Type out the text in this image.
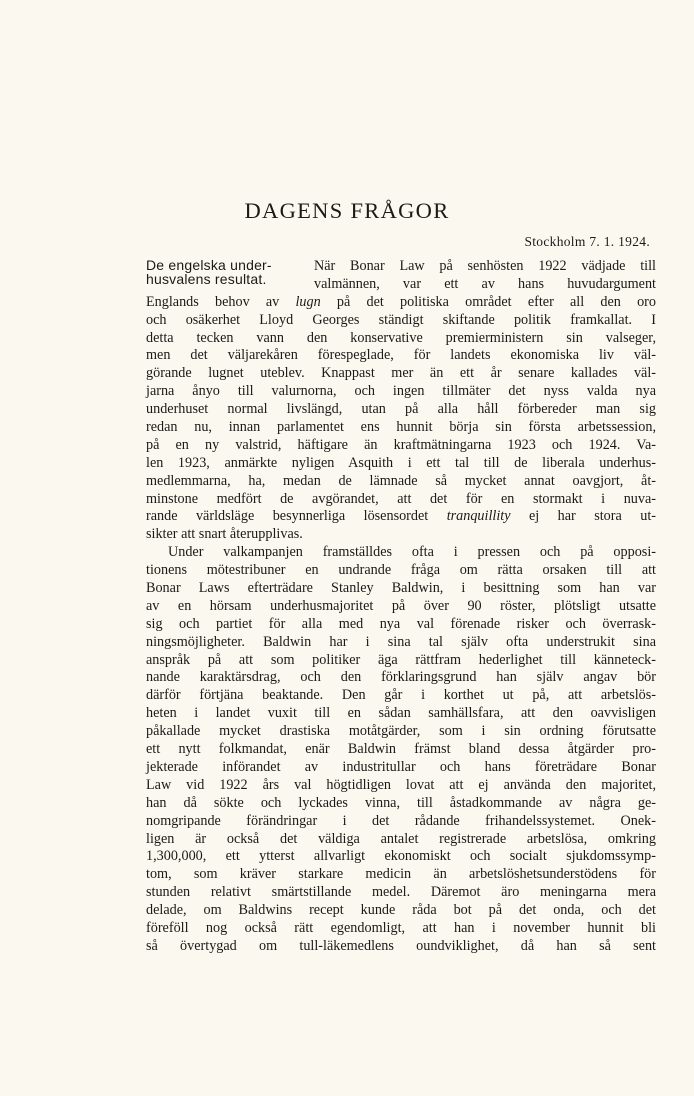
DAGENS FRÅGOR
Stockholm 7. 1. 1924.
De engelska under-
husvalens resultat.
När Bonar Law på senhösten 1922 vädjade till
valmännen, var ett av hans huvudargument
Englands behov av lugn på det politiska området efter all den oro
och osäkerhet Lloyd Georges ständigt skiftande politik framkallat. I
detta tecken vann den konservative premierministern sin valseger,
men det väljarekåren förespeglade, för landets ekonomiska liv väl-
görande lugnet uteblev. Knappast mer än ett år senare kallades väl-
jarna ånyo till valurnorna, och ingen tillmäter det nyss valda nya
underhuset normal livslängd, utan på alla håll förbereder man sig
redan nu, innan parlamentet ens hunnit börja sin första arbetssession,
på en ny valstrid, häftigare än kraftmätningarna 1923 och 1924. Va-
len 1923, anmärkte nyligen Asquith i ett tal till de liberala underhus-
medlemmarna, ha, medan de lämnade så mycket annat oavgjort, åt-
minstone medfört de avgörandet, att det för en stormakt i nuva-
rande världsläge besynnerliga lösensordet tranquillity ej har stora ut-
sikter att snart återupplivas.
Under valkampanjen framställdes ofta i pressen och på opposi-
tionens mötestribuner en undrande fråga om rätta orsaken till att
Bonar Laws efterträdare Stanley Baldwin, i besittning som han var
av en hörsam underhusmajoritet på över 90 röster, plötsligt utsatte
sig och partiet för alla med nya val förenade risker och överrask-
ningsmöjligheter. Baldwin har i sina tal själv ofta understrukit sina
anspråk på att som politiker äga rättfram hederlighet till känneteck-
nande karaktärsdrag, och den förklaringsgrund han själv angav bör
därför förtjäna beaktande. Den går i korthet ut på, att arbetslös-
heten i landet vuxit till en sådan samhällsfara, att den oavvisligen
påkallade mycket drastiska motåtgärder, som i sin ordning förutsatte
ett nytt folkmandat, enär Baldwin främst bland dessa åtgärder pro-
jekterade införandet av industritullar och hans företrädare Bonar
Law vid 1922 års val högtidligen lovat att ej använda den majoritet,
han då sökte och lyckades vinna, till åstadkommande av några ge-
nomgripande förändringar i det rådande frihandelssystemet. Onek-
ligen är också det väldiga antalet registrerade arbetslösa, omkring
1,300,000, ett ytterst allvarligt ekonomiskt och socialt sjukdomssymp-
tom, som kräver starkare medicin än arbetslöshetsunderstödens för
stunden relativt smärtstillande medel. Däremot äro meningarna mera
delade, om Baldwins recept kunde råda bot på det onda, och det
föreföll nog också rätt egendomligt, att han i november hunnit bli
så övertygad om tull-läkemedlens oundviklighet, då han så sent
